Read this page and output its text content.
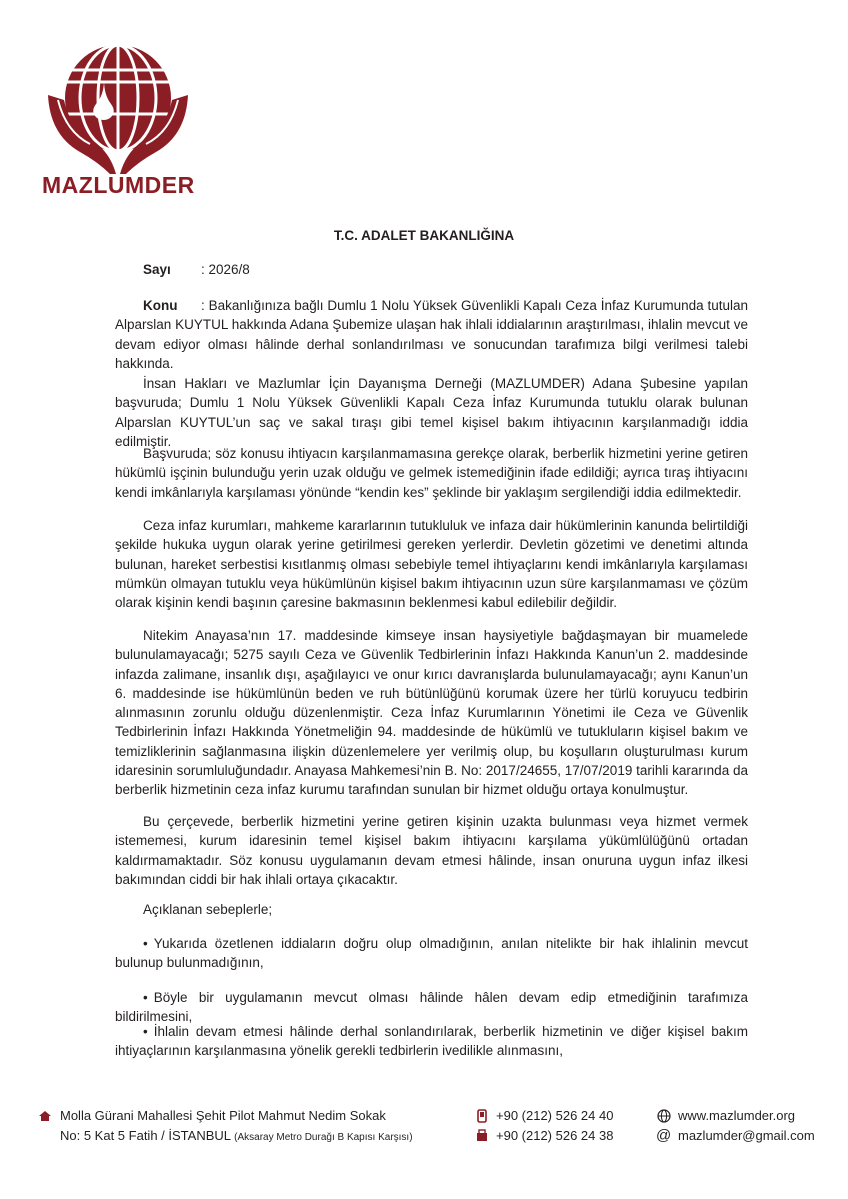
MAZLUMDER
T.C. ADALET BAKANLIĞINA
Sayı : 2026/8

Konu : Bakanlığınıza bağlı Dumlu 1 Nolu Yüksek Güvenlikli Kapalı Ceza İnfaz Kurumunda tutulan Alparslan KUYTUL hakkında Adana Şubemize ulaşan hak ihlali iddialarının araştırılması, ihlalin mevcut ve devam ediyor olması hâlinde derhal sonlandırılması ve sonucundan tarafımıza bilgi verilmesi talebi hakkında.

İnsan Hakları ve Mazlumlar İçin Dayanışma Derneği (MAZLUMDER) Adana Şubesine yapılan başvuruda; Dumlu 1 Nolu Yüksek Güvenlikli Kapalı Ceza İnfaz Kurumunda tutuklu olarak bulunan Alparslan KUYTUL’un saç ve sakal tıraşı gibi temel kişisel bakım ihtiyacının karşılanmadığı iddia edilmiştir.

Başvuruda; söz konusu ihtiyacın karşılanmamasına gerekçe olarak, berberlik hizmetini yerine getiren hükümlü işçinin bulunduğu yerin uzak olduğu ve gelmek istemediğinin ifade edildiği; ayrıca tıraş ihtiyacını kendi imkânlarıyla karşılaması yönünde “kendin kes” şeklinde bir yaklaşım sergilendiği iddia edilmektedir.

Ceza infaz kurumları, mahkeme kararlarının tutukluluk ve infaza dair hükümlerinin kanunda belirtildiği şekilde hukuka uygun olarak yerine getirilmesi gereken yerlerdir. Devletin gözetimi ve denetimi altında bulunan, hareket serbestisi kısıtlanmış olması sebebiyle temel ihtiyaçlarını kendi imkânlarıyla karşılaması mümkün olmayan tutuklu veya hükümlünün kişisel bakım ihtiyacının uzun süre karşılanmaması ve çözüm olarak kişinin kendi başının çaresine bakmasının beklenmesi kabul edilebilir değildir.

Nitekim Anayasa’nın 17. maddesinde kimseye insan haysiyetiyle bağdaşmayan bir muamelede bulunulamayacağı; 5275 sayılı Ceza ve Güvenlik Tedbirlerinin İnfazı Hakkında Kanun’un 2. maddesinde infazda zalimane, insanlık dışı, aşağılayıcı ve onur kırıcı davranışlarda bulunulamayacağı; aynı Kanun’un 6. maddesinde ise hükümlünün beden ve ruh bütünlüğünü korumak üzere her türlü koruyucu tedbirin alınmasının zorunlu olduğu düzenlenmiştir. Ceza İnfaz Kurumlarının Yönetimi ile Ceza ve Güvenlik Tedbirlerinin İnfazı Hakkında Yönetmeliğin 94. maddesinde de hükümlü ve tutukluların kişisel bakım ve temizliklerinin sağlanmasına ilişkin düzenlemelere yer verilmiş olup, bu koşulların oluşturulması kurum idaresinin sorumluluğundadır. Anayasa Mahkemesi’nin B. No: 2017/24655, 17/07/2019 tarihli kararında da berberlik hizmetinin ceza infaz kurumu tarafından sunulan bir hizmet olduğu ortaya konulmuştur.

Bu çerçevede, berberlik hizmetini yerine getiren kişinin uzakta bulunması veya hizmet vermek istememesi, kurum idaresinin temel kişisel bakım ihtiyacını karşılama yükümlülüğünü ortadan kaldırmamaktadır. Söz konusu uygulamanın devam etmesi hâlinde, insan onuruna uygun infaz ilkesi bakımından ciddi bir hak ihlali ortaya çıkacaktır.

Açıklanan sebeplerle;

• Yukarıda özetlenen iddiaların doğru olup olmadığının, anılan nitelikte bir hak ihlalinin mevcut bulunup bulunmadığının,

• Böyle bir uygulamanın mevcut olması hâlinde hâlen devam edip etmediğinin tarafımıza bildirilmesini,

• İhlalin devam etmesi hâlinde derhal sonlandırılarak, berberlik hizmetinin ve diğer kişisel bakım ihtiyaçlarının karşılanmasına yönelik gerekli tedbirlerin ivedilikle alınmasını,

Molla Gürani Mahallesi Şehit Pilot Mahmut Nedim Sokak
No: 5 Kat 5 Fatih / İSTANBUL (Aksaray Metro Durağı B Kapısı Karşısı)
+90 (212) 526 24 40
+90 (212) 526 24 38
www.mazlumder.org
@ mazlumder@gmail.com
